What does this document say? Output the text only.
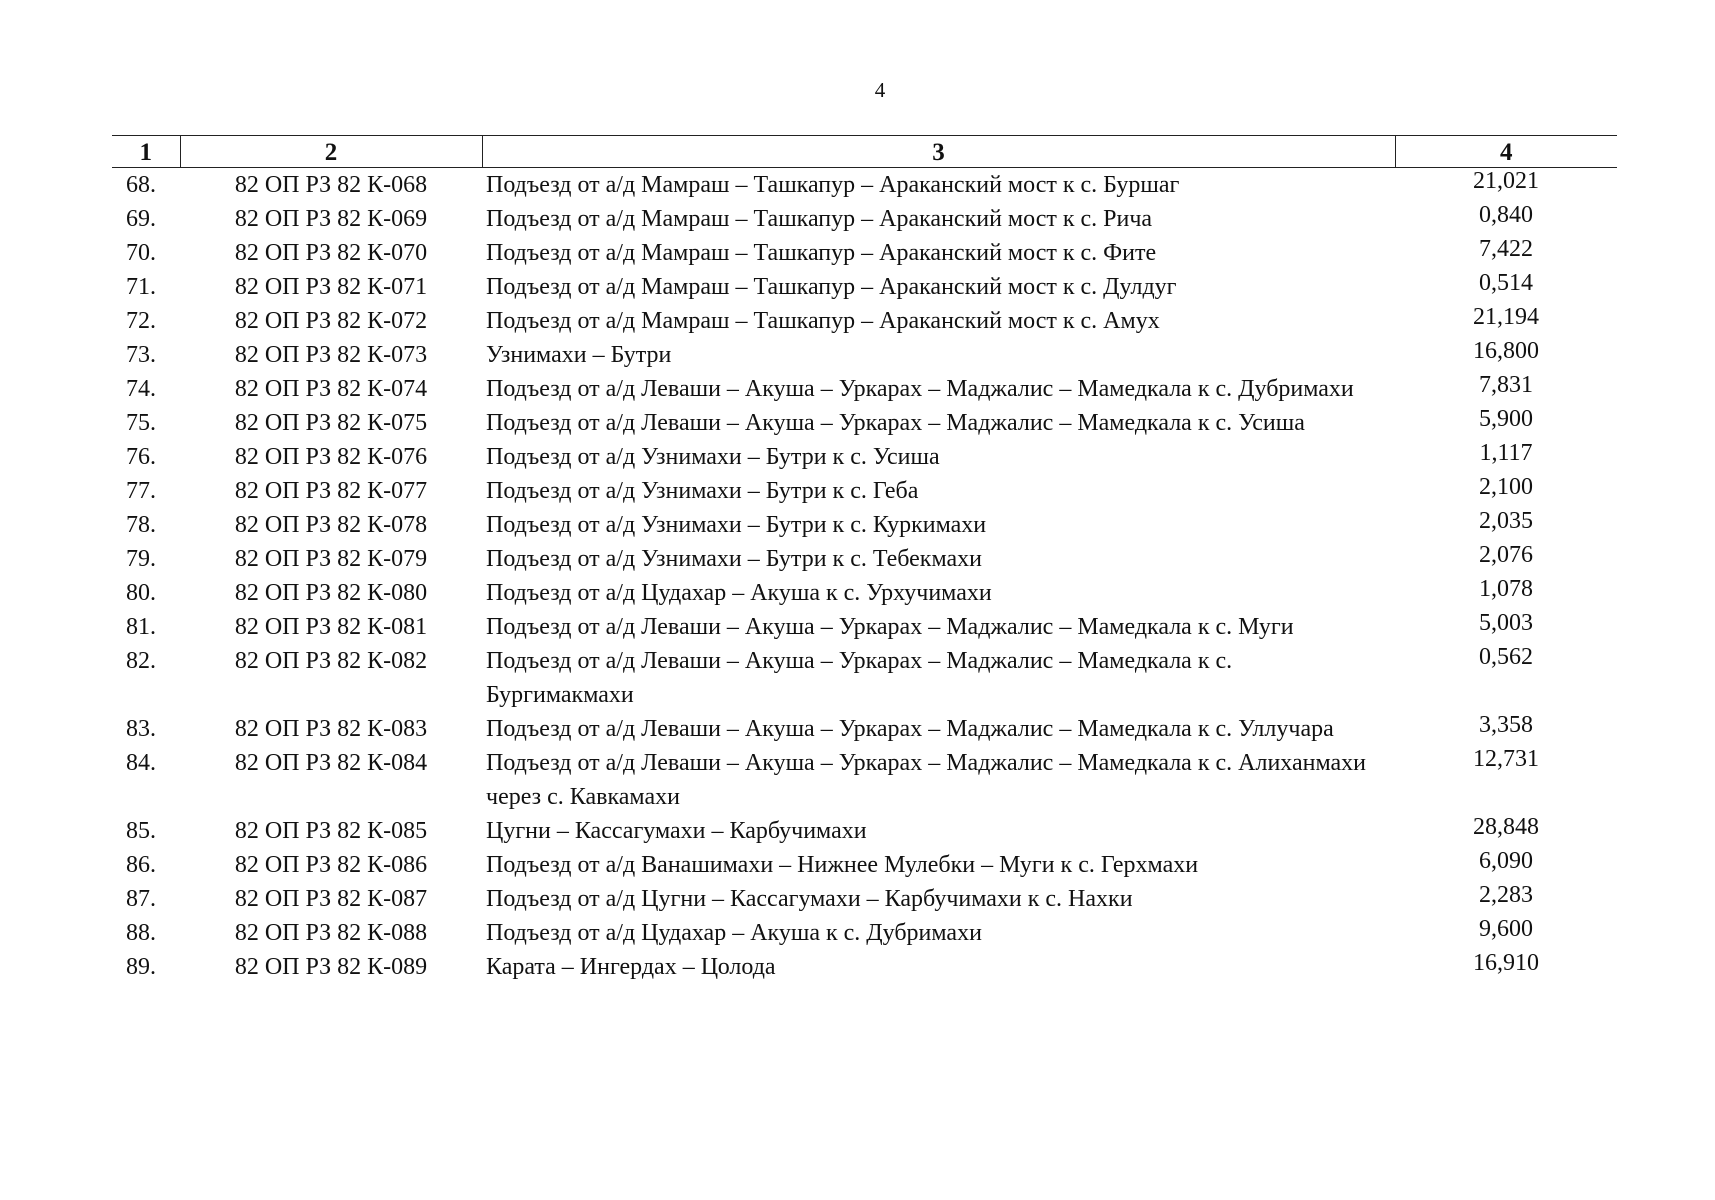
4
1	2	3	4
68.	82 ОП РЗ 82 К-068	Подъезд от а/д Мамраш – Ташкапур – Араканский мост к с. Буршаг	21,021
69.	82 ОП РЗ 82 К-069	Подъезд от а/д Мамраш – Ташкапур – Араканский мост к с. Рича	0,840
70.	82 ОП РЗ 82 К-070	Подъезд от а/д Мамраш – Ташкапур – Араканский мост к с. Фите	7,422
71.	82 ОП РЗ 82 К-071	Подъезд от а/д Мамраш – Ташкапур – Араканский мост к с. Дулдуг	0,514
72.	82 ОП РЗ 82 К-072	Подъезд от а/д Мамраш – Ташкапур – Араканский мост к с. Амух	21,194
73.	82 ОП РЗ 82 К-073	Узнимахи – Бутри	16,800
74.	82 ОП РЗ 82 К-074	Подъезд от а/д Леваши – Акуша – Уркарах – Маджалис – Мамедкала к с. Дубримахи	7,831
75.	82 ОП РЗ 82 К-075	Подъезд от а/д Леваши – Акуша – Уркарах – Маджалис – Мамедкала к с. Усиша	5,900
76.	82 ОП РЗ 82 К-076	Подъезд от а/д Узнимахи – Бутри к с. Усиша	1,117
77.	82 ОП РЗ 82 К-077	Подъезд от а/д Узнимахи – Бутри к с. Геба	2,100
78.	82 ОП РЗ 82 К-078	Подъезд от а/д Узнимахи – Бутри к с. Куркимахи	2,035
79.	82 ОП РЗ 82 К-079	Подъезд от а/д Узнимахи – Бутри к с. Тебекмахи	2,076
80.	82 ОП РЗ 82 К-080	Подъезд от а/д Цудахар – Акуша к с. Урхучимахи	1,078
81.	82 ОП РЗ 82 К-081	Подъезд от а/д Леваши – Акуша – Уркарах – Маджалис – Мамедкала к с. Муги	5,003
82.	82 ОП РЗ 82 К-082	Подъезд от а/д Леваши – Акуша – Уркарах – Маджалис – Мамедкала к с. Бургимакмахи	0,562
83.	82 ОП РЗ 82 К-083	Подъезд от а/д Леваши – Акуша – Уркарах – Маджалис – Мамедкала к с. Уллучара	3,358
84.	82 ОП РЗ 82 К-084	Подъезд от а/д Леваши – Акуша – Уркарах – Маджалис – Мамедкала к с. Алиханмахи через с. Кавкамахи	12,731
85.	82 ОП РЗ 82 К-085	Цугни – Кассагумахи – Карбучимахи	28,848
86.	82 ОП РЗ 82 К-086	Подъезд от а/д Ванашимахи – Нижнее Мулебки – Муги к с. Герхмахи	6,090
87.	82 ОП РЗ 82 К-087	Подъезд от а/д Цугни – Кассагумахи – Карбучимахи к с. Нахки	2,283
88.	82 ОП РЗ 82 К-088	Подъезд от а/д Цудахар – Акуша к с. Дубримахи	9,600
89.	82 ОП РЗ 82 К-089	Карата – Ингердах – Цолода	16,910
